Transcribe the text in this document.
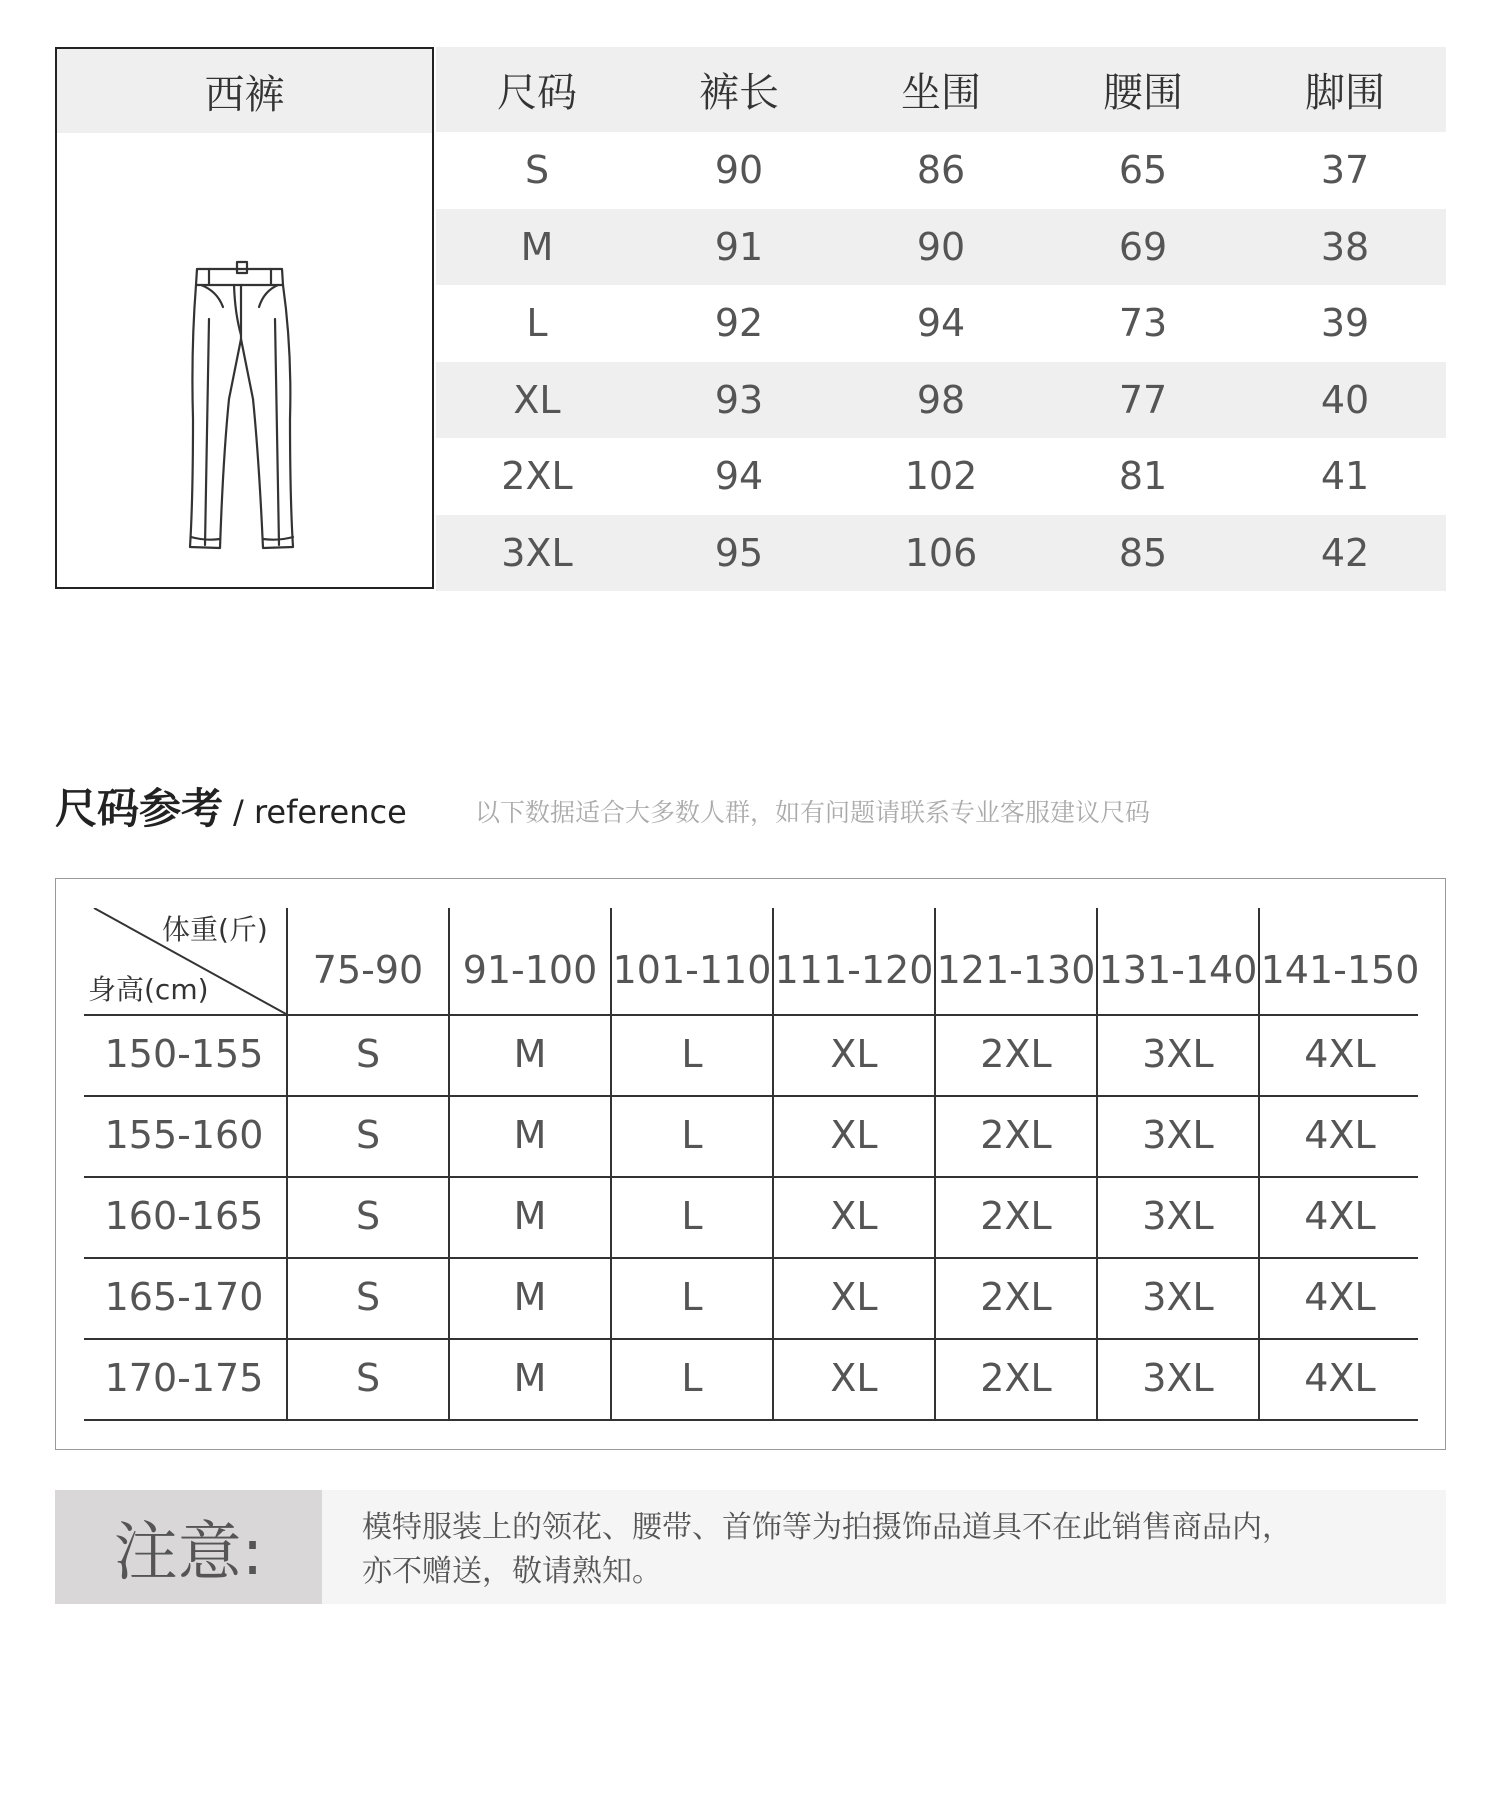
西裤	尺码	裤长	坐围	腰围	脚围
S	90	86	65	37
M	91	90	69	38
L	92	94	73	39
XL	93	98	77	40
2XL	94	102	81	41
3XL	95	106	85	42
尺码参考 / reference	以下数据适合大多数人群，如有问题请联系专业客服建议尺码
体重(斤)
身高(cm)	75-90	91-100 101-110 111-120 121-130 131-140 141-150
150-155	S	M	L	XL	2XL	3XL	4XL
155-160	S	M	L	XL	2XL	3XL	4XL
160-165	S	M	L	XL	2XL	3XL	4XL
165-170	S	M	L	XL	2XL	3XL	4XL
170-175	S	M	L	XL	2XL	3XL	4XL
注意:	模特服装上的领花、腰带、首饰等为拍摄饰品道具不在此销售商品内，
亦不赠送，敬请熟知。
